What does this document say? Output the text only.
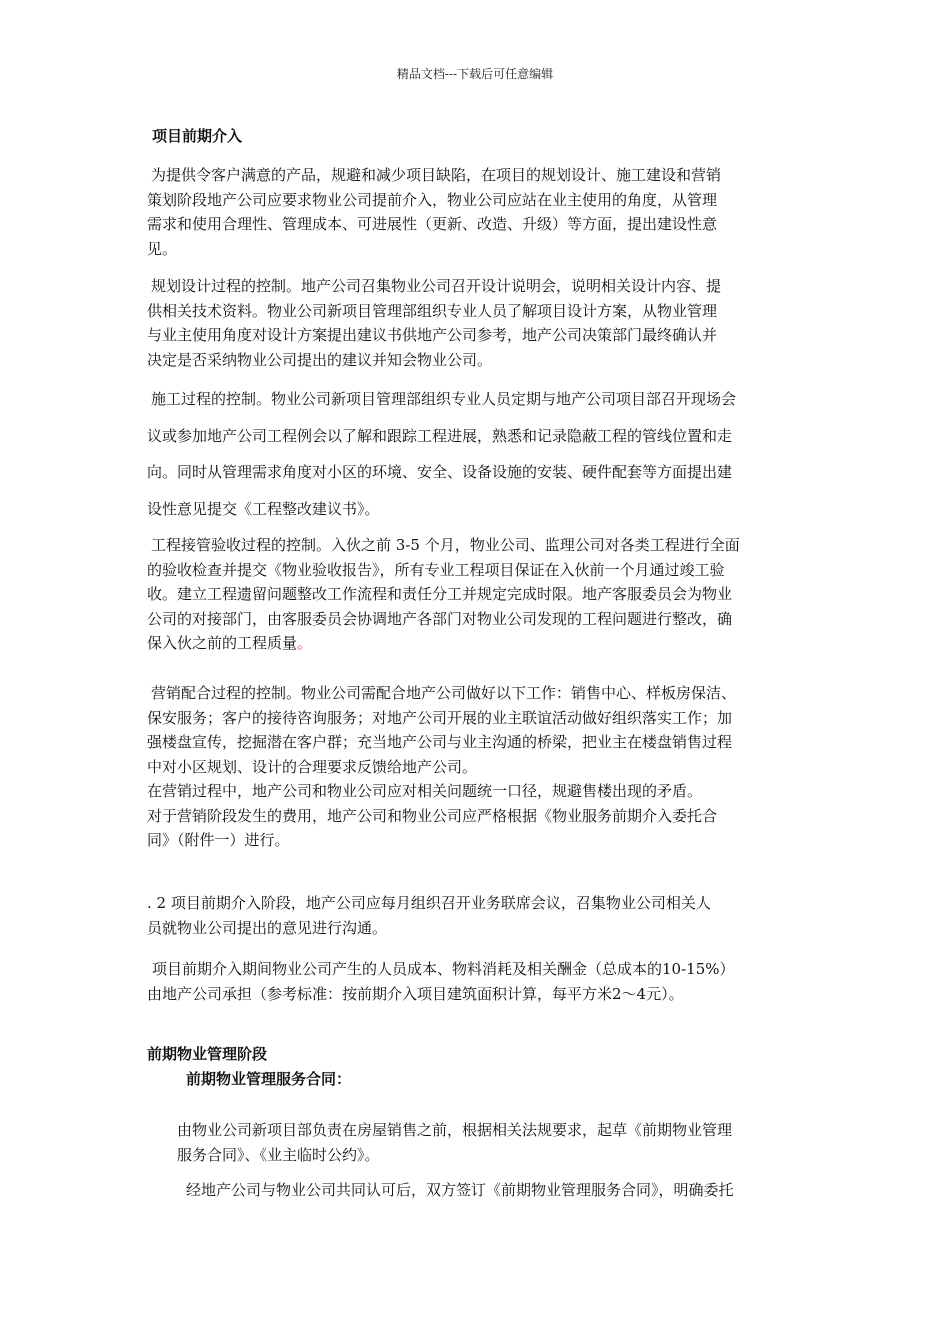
精品文档---下载后可任意编辑
项目前期介入
为提供令客户满意的产品，规避和减少项目缺陷，在项目的规划设计、施工建设和营销
策划阶段地产公司应要求物业公司提前介入，物业公司应站在业主使用的角度，从管理
需求和使用合理性、管理成本、可进展性（更新、改造、升级）等方面，提出建设性意
见。
规划设计过程的控制。地产公司召集物业公司召开设计说明会，说明相关设计内容、提
供相关技术资料。物业公司新项目管理部组织专业人员了解项目设计方案，从物业管理
与业主使用角度对设计方案提出建议书供地产公司参考，地产公司决策部门最终确认并
决定是否采纳物业公司提出的建议并知会物业公司。
施工过程的控制。物业公司新项目管理部组织专业人员定期与地产公司项目部召开现场会
议或参加地产公司工程例会以了解和跟踪工程进展，熟悉和记录隐蔽工程的管线位置和走
向。同时从管理需求角度对小区的环境、安全、设备设施的安装、硬件配套等方面提出建
设性意见提交《工程整改建议书》。
工程接管验收过程的控制。入伙之前 3-5 个月，物业公司、监理公司对各类工程进行全面
的验收检查并提交《物业验收报告》，所有专业工程项目保证在入伙前一个月通过竣工验
收。建立工程遗留问题整改工作流程和责任分工并规定完成时限。地产客服委员会为物业
公司的对接部门，由客服委员会协调地产各部门对物业公司发现的工程问题进行整改，确
保入伙之前的工程质量。
营销配合过程的控制。物业公司需配合地产公司做好以下工作：销售中心、样板房保洁、
保安服务；客户的接待咨询服务；对地产公司开展的业主联谊活动做好组织落实工作；加
强楼盘宣传，挖掘潜在客户群；充当地产公司与业主沟通的桥梁，把业主在楼盘销售过程
中对小区规划、设计的合理要求反馈给地产公司。
在营销过程中，地产公司和物业公司应对相关问题统一口径，规避售楼出现的矛盾。
对于营销阶段发生的费用，地产公司和物业公司应严格根据《物业服务前期介入委托合
同》（附件一）进行。
. 2 项目前期介入阶段，地产公司应每月组织召开业务联席会议，召集物业公司相关人
员就物业公司提出的意见进行沟通。
项目前期介入期间物业公司产生的人员成本、物料消耗及相关酬金（总成本的10-15%）
由地产公司承担（参考标准：按前期介入项目建筑面积计算，每平方米2～4元）。
前期物业管理阶段
前期物业管理服务合同：
由物业公司新项目部负责在房屋销售之前，根据相关法规要求，起草《前期物业管理
服务合同》、《业主临时公约》。
经地产公司与物业公司共同认可后，双方签订《前期物业管理服务合同》，明确委托
